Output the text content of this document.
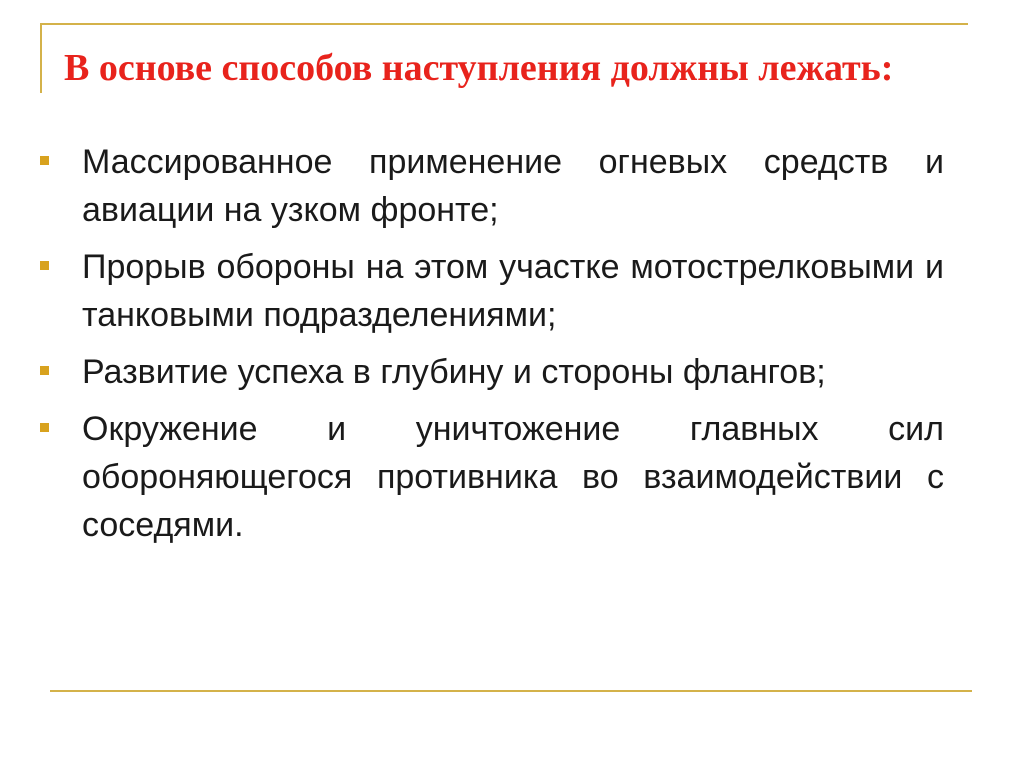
В основе способов наступления должны лежать:
Массированное применение огневых средств и авиации на узком фронте;
Прорыв обороны на этом участке мотострелковыми и танковыми подразделениями;
Развитие успеха в глубину и стороны флангов;
Окружение и уничтожение главных сил обороняющегося противника во взаимодействии с соседями.
